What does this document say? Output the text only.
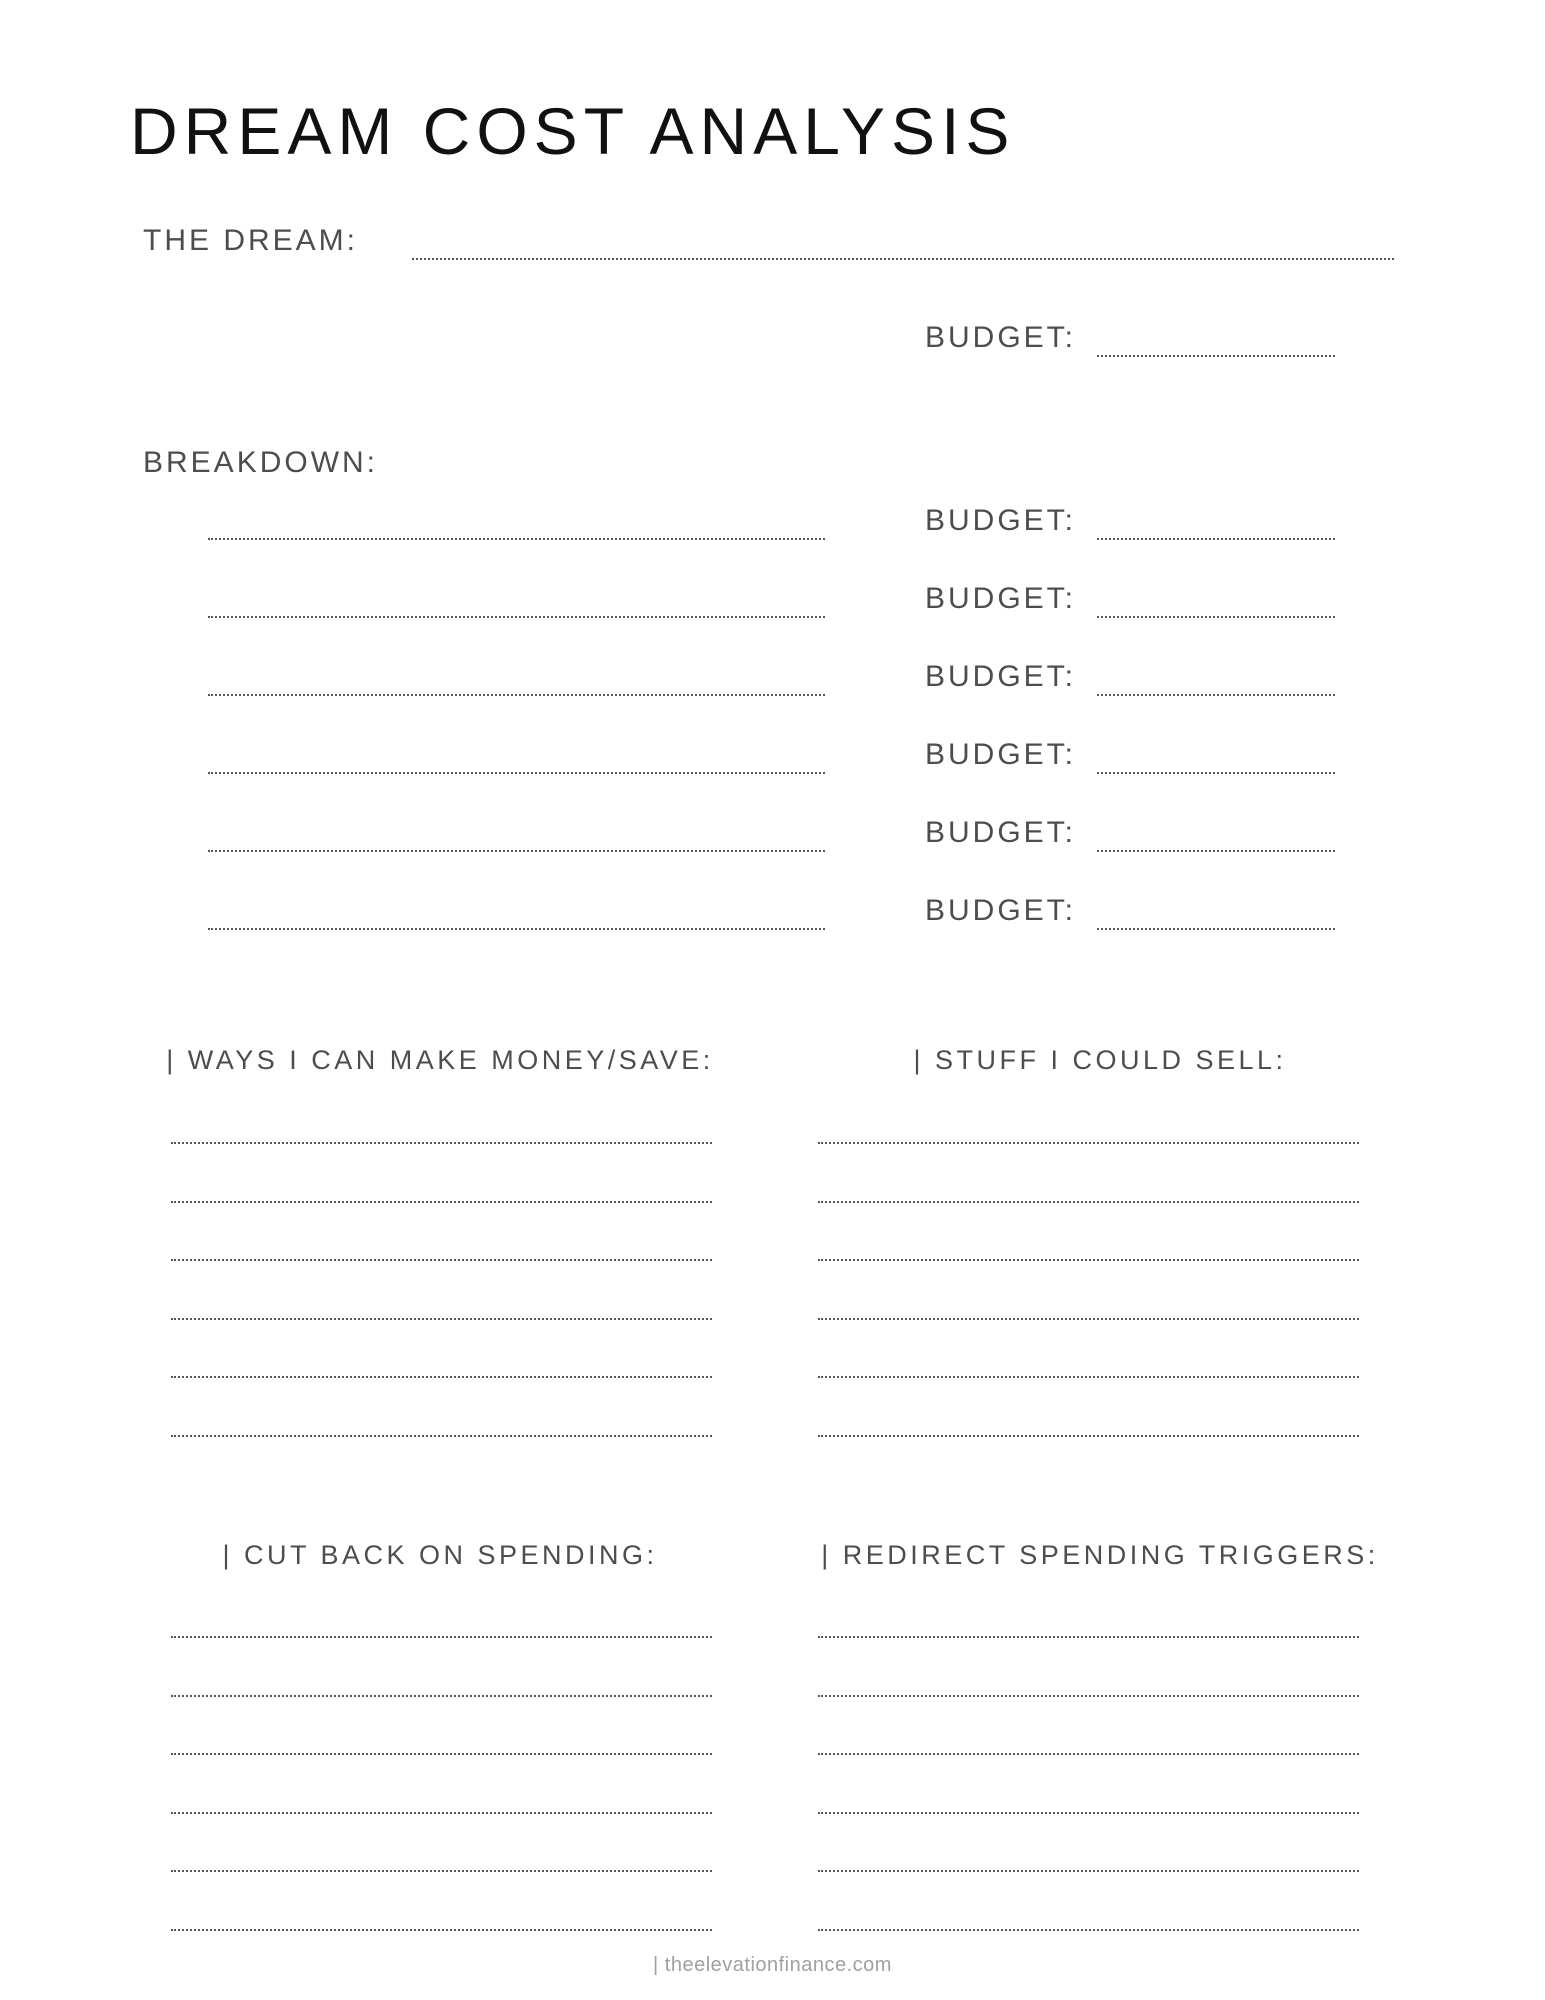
DREAM COST ANALYSIS
THE DREAM:
BUDGET:
BREAKDOWN:
BUDGET:
BUDGET:
BUDGET:
BUDGET:
BUDGET:
BUDGET:
| WAYS I CAN MAKE MONEY/SAVE:	| STUFF I COULD SELL:
| CUT BACK ON SPENDING:	| REDIRECT SPENDING TRIGGERS:
| theelevationfinance.com
